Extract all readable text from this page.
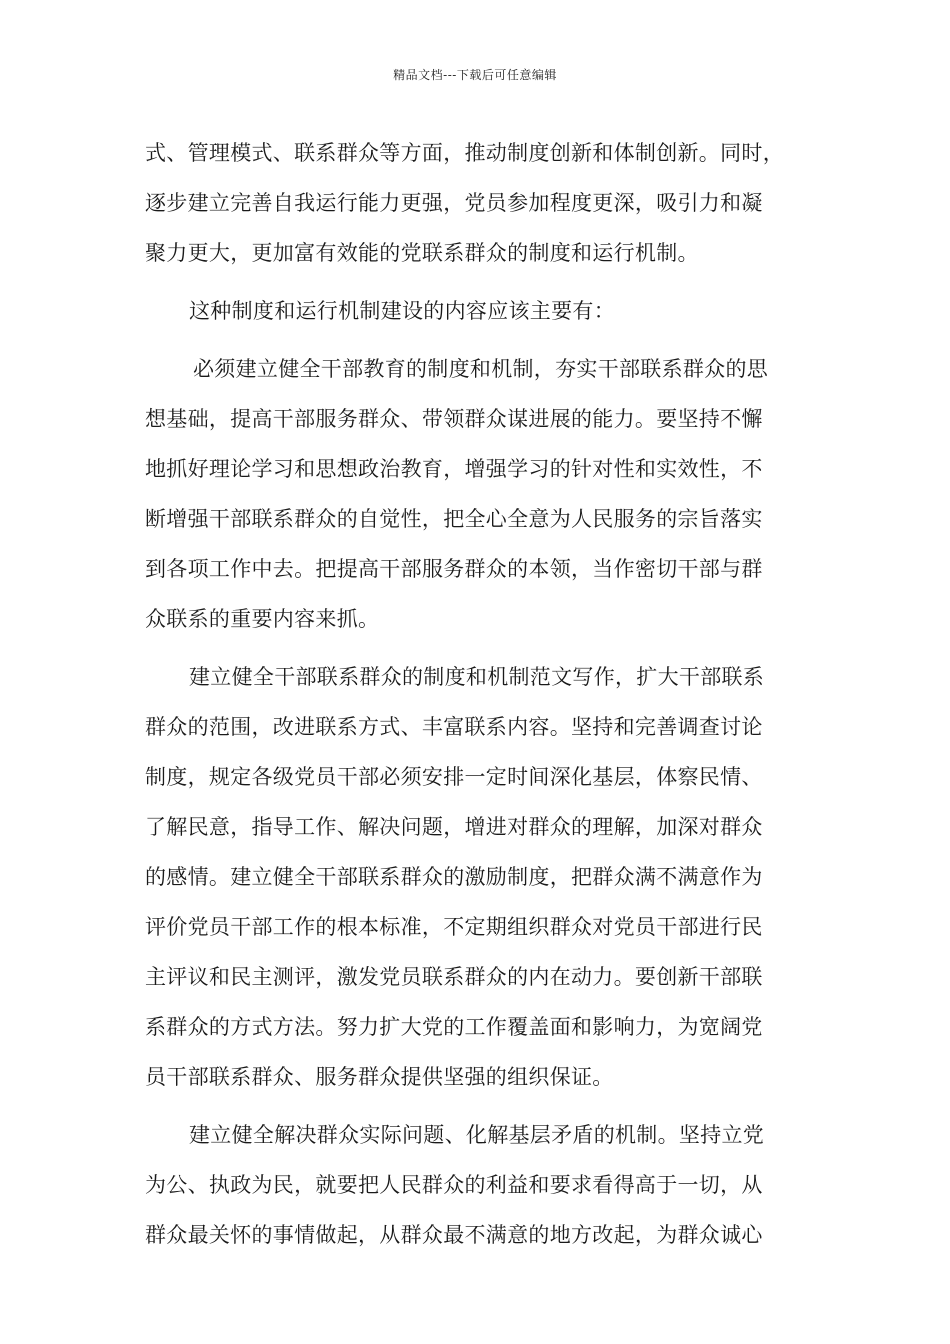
精品文档---下载后可任意编辑
式、管理模式、联系群众等方面，推动制度创新和体制创新。同时，
逐步建立完善自我运行能力更强，党员参加程度更深，吸引力和凝
聚力更大，更加富有效能的党联系群众的制度和运行机制。
这种制度和运行机制建设的内容应该主要有：
必须建立健全干部教育的制度和机制，夯实干部联系群众的思
想基础，提高干部服务群众、带领群众谋进展的能力。要坚持不懈
地抓好理论学习和思想政治教育，增强学习的针对性和实效性，不
断增强干部联系群众的自觉性，把全心全意为人民服务的宗旨落实
到各项工作中去。把提高干部服务群众的本领，当作密切干部与群
众联系的重要内容来抓。
建立健全干部联系群众的制度和机制范文写作，扩大干部联系
群众的范围，改进联系方式、丰富联系内容。坚持和完善调查讨论
制度，规定各级党员干部必须安排一定时间深化基层，体察民情、
了解民意，指导工作、解决问题，增进对群众的理解，加深对群众
的感情。建立健全干部联系群众的激励制度，把群众满不满意作为
评价党员干部工作的根本标准，不定期组织群众对党员干部进行民
主评议和民主测评，激发党员联系群众的内在动力。要创新干部联
系群众的方式方法。努力扩大党的工作覆盖面和影响力，为宽阔党
员干部联系群众、服务群众提供坚强的组织保证。
建立健全解决群众实际问题、化解基层矛盾的机制。坚持立党
为公、执政为民，就要把人民群众的利益和要求看得高于一切，从
群众最关怀的事情做起，从群众最不满意的地方改起，为群众诚心
